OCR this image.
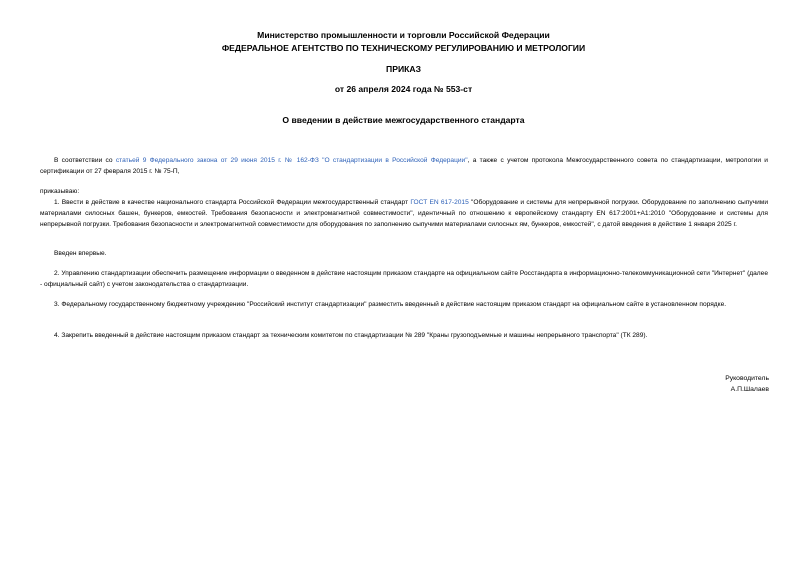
Министерство промышленности и торговли Российской Федерации
ФЕДЕРАЛЬНОЕ АГЕНТСТВО ПО ТЕХНИЧЕСКОМУ РЕГУЛИРОВАНИЮ И МЕТРОЛОГИИ
ПРИКАЗ
от 26 апреля 2024 года № 553-ст
О введении в действие межгосударственного стандарта
В соответствии со статьей 9 Федерального закона от 29 июня 2015 г. № 162-ФЗ "О стандартизации в Российской Федерации", а также с учетом протокола Межгосударственного совета по стандартизации, метрологии и сертификации от 27 февраля 2015 г. № 75-П,
приказываю:
1. Ввести в действие в качестве национального стандарта Российской Федерации межгосударственный стандарт ГОСТ EN 617-2015 "Оборудование и системы для непрерывной погрузки. Оборудование по заполнению сыпучими материалами силосных башен, бункеров, емкостей. Требования безопасности и электромагнитной совместимости", идентичный по отношению к европейскому стандарту EN 617:2001+A1:2010 "Оборудование и системы для непрерывной погрузки. Требования безопасности и электромагнитной совместимости для оборудования по заполнению сыпучими материалами силосных ям, бункеров, емкостей", с датой введения в действие 1 января 2025 г.
Введен впервые.
2. Управлению стандартизации обеспечить размещение информации о введенном в действие настоящим приказом стандарте на официальном сайте Росстандарта в информационно-телекоммуникационной сети "Интернет" (далее - официальный сайт) с учетом законодательства о стандартизации.
3. Федеральному государственному бюджетному учреждению "Российский институт стандартизации" разместить введенный в действие настоящим приказом стандарт на официальном сайте в установленном порядке.
4. Закрепить введенный в действие настоящим приказом стандарт за техническим комитетом по стандартизации № 289 "Краны грузоподъемные и машины непрерывного транспорта" (ТК 289).
Руководитель
А.П.Шалаев
